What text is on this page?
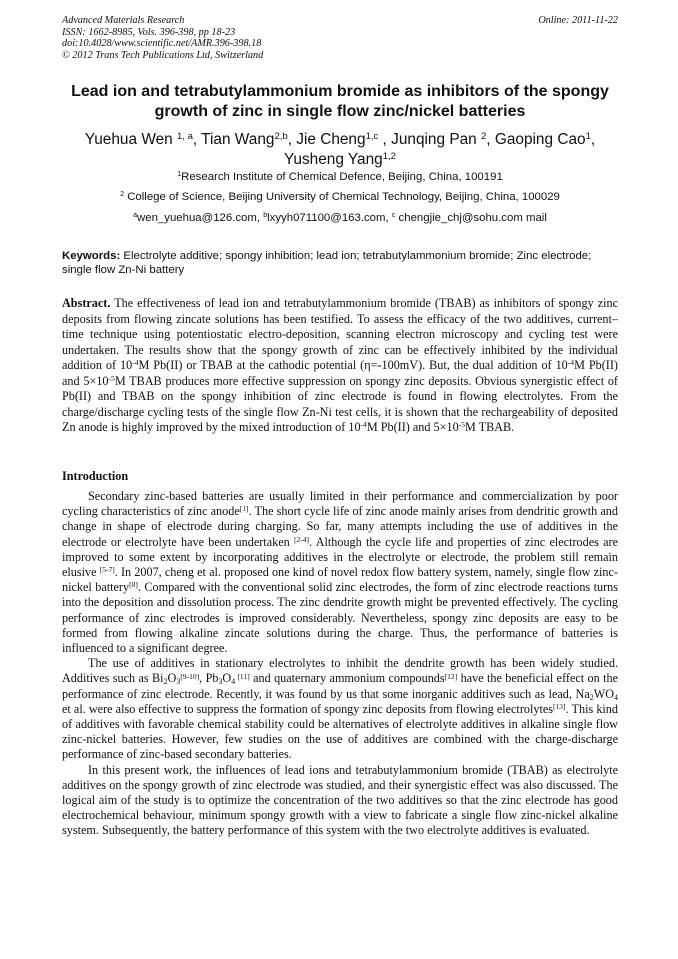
Advanced Materials Research
ISSN: 1662-8985, Vols. 396-398, pp 18-23
doi:10.4028/www.scientific.net/AMR.396-398.18
© 2012 Trans Tech Publications Ltd, Switzerland
Online: 2011-11-22
Lead ion and tetrabutylammonium bromide as inhibitors of the spongy growth of zinc in single flow zinc/nickel batteries
Yuehua Wen $^{1, a}$, Tian Wang$^{2,b}$, Jie Cheng$^{1,c}$ , Junqing Pan $^2$, Gaoping Cao$^1$,
Yusheng Yang$^{1,2}$
$^1$Research Institute of Chemical Defence, Beijing, China, 100191
$^2$ College of Science, Beijing University of Chemical Technology, Beijing, China, 100029
$^a$wen_yuehua@126.com, $^b$lxyyh071100@163.com, $^c$ chengjie_chj@sohu.com mail
Keywords: Electrolyte additive; spongy inhibition; lead ion; tetrabutylammonium bromide; Zinc electrode; single flow Zn-Ni battery
Abstract. The effectiveness of lead ion and tetrabutylammonium bromide (TBAB) as inhibitors of spongy zinc deposits from flowing zincate solutions has been testified. To assess the efficacy of the two additives, current–time technique using potentiostatic electro-deposition, scanning electron microscopy and cycling test were undertaken. The results show that the spongy growth of zinc can be effectively inhibited by the individual addition of $10^{-4}M$ Pb(II) or TBAB at the cathodic potential (η=-100mV). But, the dual addition of $10^{-4}M$ Pb(II) and $5\times 10^{-5}M$ TBAB produces more effective suppression on spongy zinc deposits. Obvious synergistic effect of Pb(II) and TBAB on the spongy inhibition of zinc electrode is found in flowing electrolytes. From the charge/discharge cycling tests of the single flow Zn-Ni test cells, it is shown that the rechargeability of deposited Zn anode is highly improved by the mixed introduction of $10^{-4}M$ Pb(II) and $5\times 10^{-5}M$ TBAB.
Introduction

Secondary zinc-based batteries are usually limited in their performance and commercialization by poor cycling characteristics of zinc anode[1]. The short cycle life of zinc anode mainly arises from dendritic growth and change in shape of electrode during charging. So far, many attempts including the use of additives in the electrode or electrolyte have been undertaken [2-4]. Although the cycle life and properties of zinc electrodes are improved to some extent by incorporating additives in the electrolyte or electrode, the problem still remain elusive [5-7]. In 2007, cheng et al. proposed one kind of novel redox flow battery system, namely, single flow zinc-nickel battery[8]. Compared with the conventional solid zinc electrodes, the form of zinc electrode reactions turns into the deposition and dissolution process. The zinc dendrite growth might be prevented effectively. The cycling performance of zinc electrodes is improved considerably. Nevertheless, spongy zinc deposits are easy to be formed from flowing alkaline zincate solutions during the charge. Thus, the performance of batteries is influenced to a significant degree.

The use of additives in stationary electrolytes to inhibit the dendrite growth has been widely studied. Additives such as $Bi_2O_3[9-10]$, $Pb_3O_4$ [11] and quaternary ammonium compounds[12] have the beneficial effect on the performance of zinc electrode. Recently, it was found by us that some inorganic additives such as lead, $Na_2WO_4$ et al. were also effective to suppress the formation of spongy zinc deposits from flowing electrolytes[13]. This kind of additives with favorable chemical stability could be alternatives of electrolyte additives in alkaline single flow zinc-nickel batteries. However, few studies on the use of additives are combined with the charge-discharge performance of zinc-based secondary batteries.

In this present work, the influences of lead ions and tetrabutylammonium bromide (TBAB) as electrolyte additives on the spongy growth of zinc electrode was studied, and their synergistic effect was also discussed. The logical aim of the study is to optimize the concentration of the two additives so that the zinc electrode has good electrochemical behaviour, minimum spongy growth with a view to fabricate a single flow zinc-nickel alkaline system. Subsequently, the battery performance of this system with the two electrolyte additives is evaluated.
